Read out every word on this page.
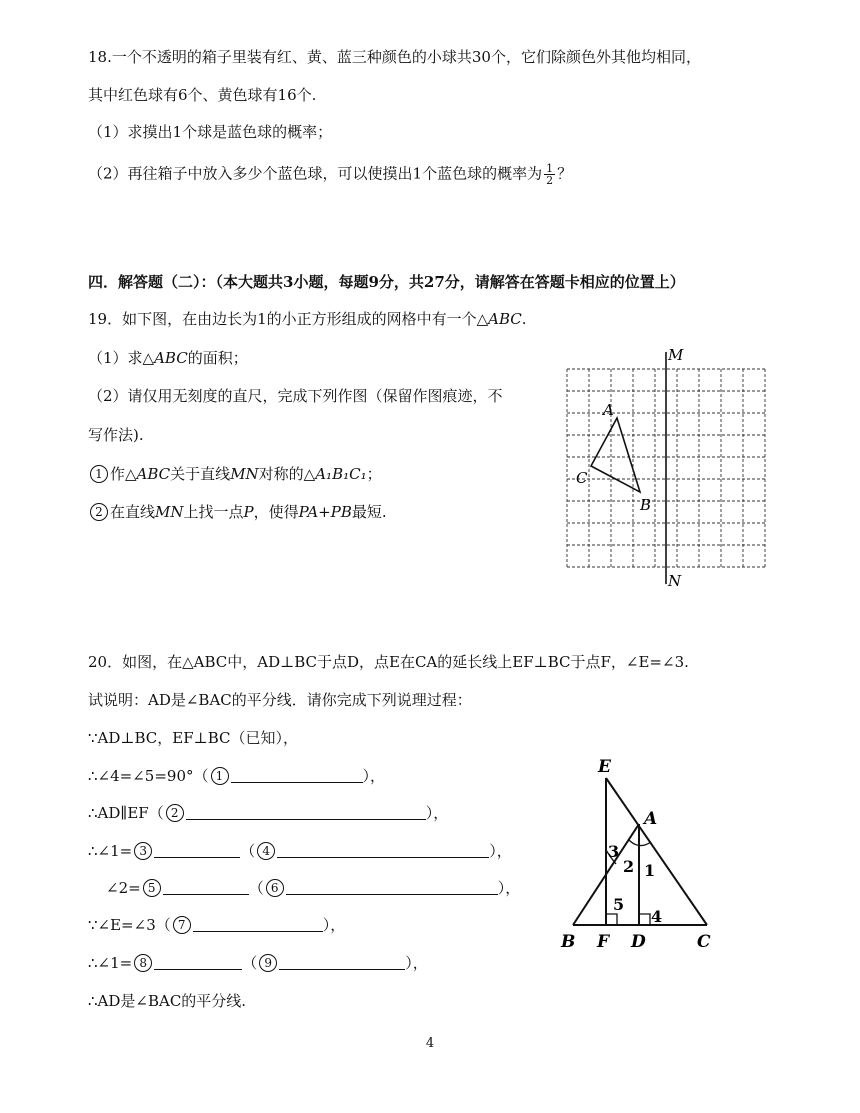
18.一个不透明的箱子里装有红、黄、蓝三种颜色的小球共30个，它们除颜色外其他均相同，
其中红色球有6个、黄色球有16个.
（1）求摸出1个球是蓝色球的概率；
（2）再往箱子中放入多少个蓝色球，可以使摸出1个蓝色球的概率为 $\frac{1}{2}$ ？
四．解答题（二）：（本大题共3小题，每题9分，共27分，请解答在答题卡相应的位置上）
19．如下图，在由边长为1的小正方形组成的网格中有一个△ABC.
（1）求△ABC的面积；
（2）请仅用无刻度的直尺，完成下列作图（保留作图痕迹，不
写作法).
1 作△ABC关于直线MN对称的△A₁B₁C₁；
2 在直线MN上找一点P，使得PA+PB最短.
M
N
A
C
B
20．如图，在△ABC中，AD⊥BC于点D，点E在CA的延长线上EF⊥BC于点F，∠E=∠3.
试说明：AD是∠BAC的平分线．请你完成下列说理过程：
∵AD⊥BC，EF⊥BC（已知），
∴∠4=∠5=90°（ 1	），
∴AD∥EF（ 2	），
∴∠1= 3	（ 4	），
∠2= 5	（ 6	），
∵∠E=∠3（ 7	），
∴∠1= 8	（ 9	），
∴AD是∠BAC的平分线.
E
A
B F D	C
3
2 1
5
4
4
